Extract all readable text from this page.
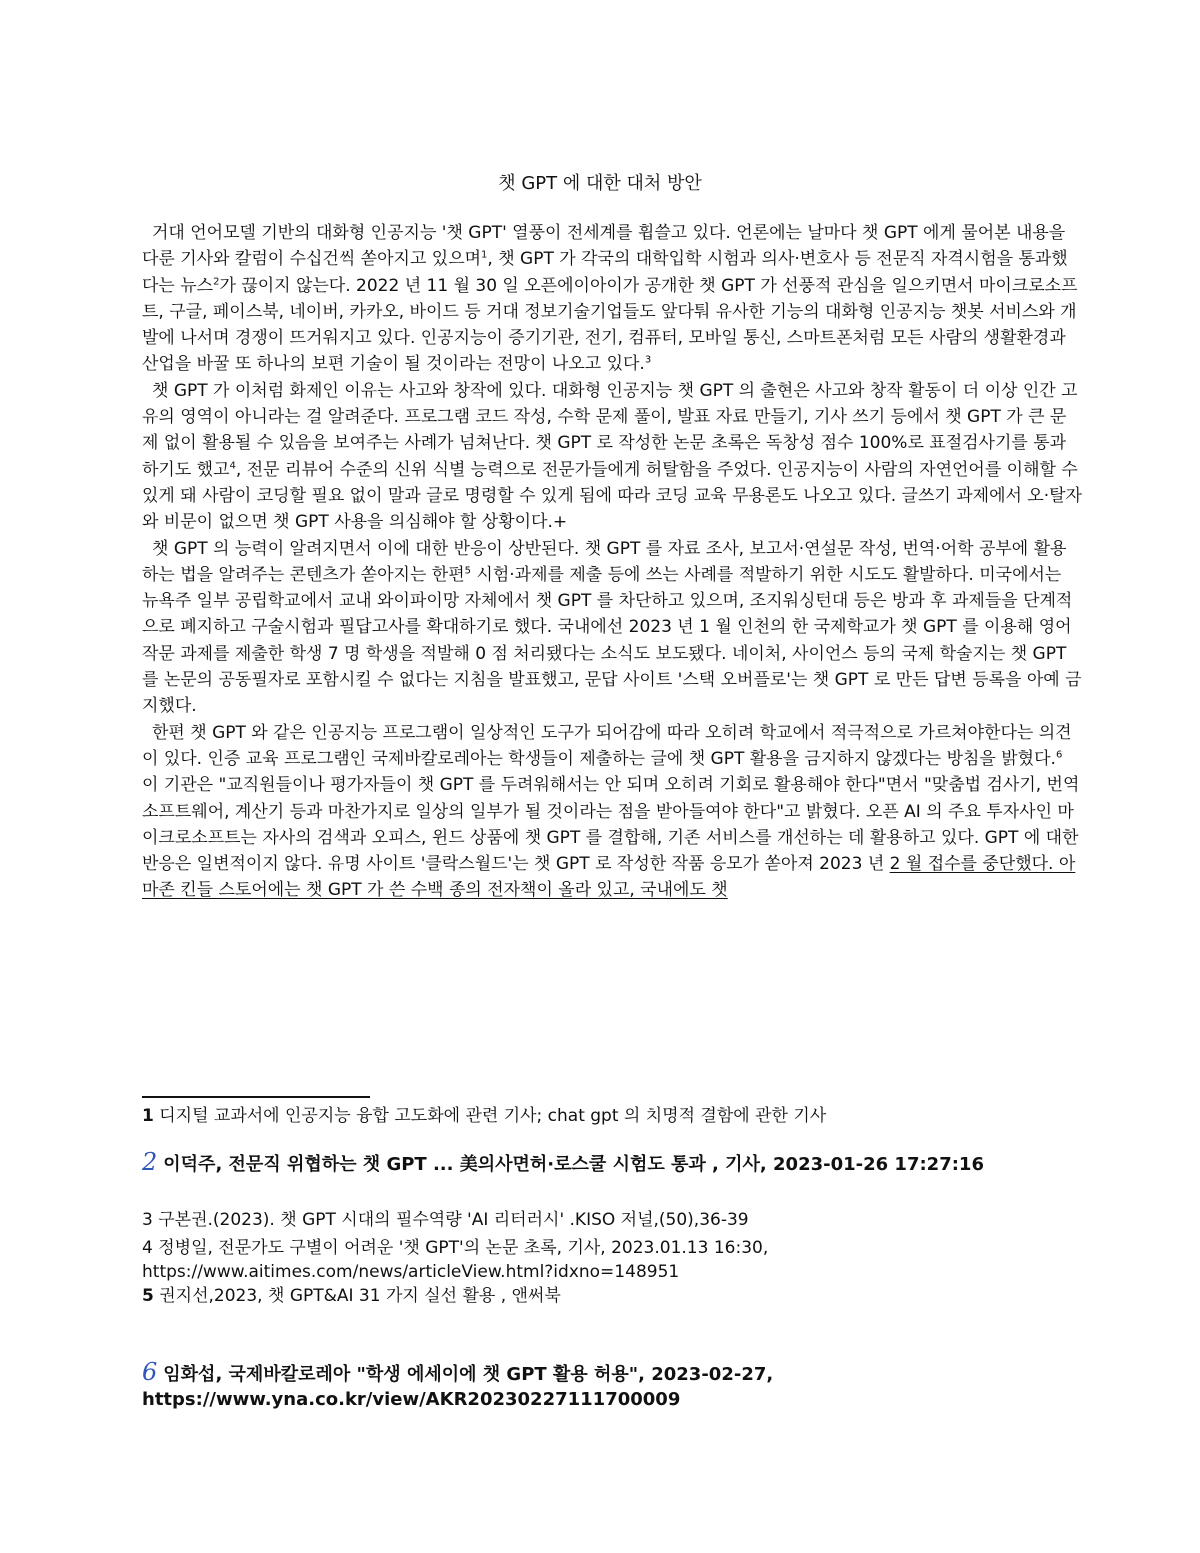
챗 GPT 에 대한 대처 방안

거대 언어모델 기반의 대화형 인공지능 '챗 GPT' 열풍이 전세계를 휩쓸고 있다. 언론에는 날마다 챗 GPT 에게 물어본 내용을 다룬 기사와 칼럼이 수십건씩 쏟아지고 있으며$^1$, 챗 GPT 가 각국의 대학입학 시험과 의사·변호사 등 전문직 자격시험을 통과했다는 뉴스$^2$가 끊이지 않는다. 2022 년 11 월 30 일 오픈에이아이가 공개한 챗 GPT 가 선풍적 관심을 일으키면서 마이크로소프트, 구글, 페이스북, 네이버, 카카오, 바이드 등 거대 정보기술기업들도 앞다퉈 유사한 기능의 대화형 인공지능 챗봇 서비스와 개발에 나서며 경쟁이 뜨거워지고 있다. 인공지능이 증기기관, 전기, 컴퓨터, 모바일 통신, 스마트폰처럼 모든 사람의 생활환경과 산업을 바꿀 또 하나의 보편 기술이 될 것이라는 전망이 나오고 있다.$^3$

챗 GPT 가 이처럼 화제인 이유는 사고와 창작에 있다. 대화형 인공지능 챗 GPT 의 출현은 사고와 창작 활동이 더 이상 인간 고유의 영역이 아니라는 걸 알려준다. 프로그램 코드 작성, 수학 문제 풀이, 발표 자료 만들기, 기사 쓰기 등에서 챗 GPT 가 큰 문제 없이 활용될 수 있음을 보여주는 사례가 넘쳐난다. 챗 GPT 로 작성한 논문 초록은 독창성 점수 100%로 표절검사기를 통과하기도 했고$^4$, 전문 리뷰어 수준의 신위 식별 능력으로 전문가들에게 허탈함을 주었다. 인공지능이 사람의 자연언어를 이해할 수 있게 돼 사람이 코딩할 필요 없이 말과 글로 명령할 수 있게 됨에 따라 코딩 교육 무용론도 나오고 있다. 글쓰기 과제에서 오·탈자와 비문이 없으면 챗 GPT 사용을 의심해야 할 상황이다.+

챗 GPT 의 능력이 알려지면서 이에 대한 반응이 상반된다. 챗 GPT 를 자료 조사, 보고서·연설문 작성, 번역·어학 공부에 활용하는 법을 알려주는 콘텐츠가 쏟아지는 한편$^5$ 시험·과제를 제출 등에 쓰는 사례를 적발하기 위한 시도도 활발하다. 미국에서는 뉴욕주 일부 공립학교에서 교내 와이파이망 자체에서 챗 GPT 를 차단하고 있으며, 조지워싱턴대 등은 방과 후 과제들을 단계적으로 폐지하고 구술시험과 필답고사를 확대하기로 했다. 국내에선 2023 년 1 월 인천의 한 국제학교가 챗 GPT 를 이용해 영어작문 과제를 제출한 학생 7 명 학생을 적발해 0 점 처리됐다는 소식도 보도됐다. 네이처, 사이언스 등의 국제 학술지는 챗 GPT 를 논문의 공동필자로 포함시킬 수 없다는 지침을 발표했고, 문답 사이트 '스택 오버플로'는 챗 GPT 로 만든 답변 등록을 아예 금지했다.

한편 챗 GPT 와 같은 인공지능 프로그램이 일상적인 도구가 되어감에 따라 오히려 학교에서 적극적으로 가르쳐야한다는 의견이 있다. 인증 교육 프로그램인 국제바칼로레아는 학생들이 제출하는 글에 챗 GPT 활용을 금지하지 않겠다는 방침을 밝혔다.$^6$ 이 기관은 "교직원들이나 평가자들이 챗 GPT 를 두려워해서는 안 되며 오히려 기회로 활용해야 한다"면서 "맞춤법 검사기, 번역 소프트웨어, 계산기 등과 마찬가지로 일상의 일부가 될 것이라는 점을 받아들여야 한다"고 밝혔다. 오픈 AI 의 주요 투자사인 마이크로소프트는 자사의 검색과 오피스, 윈드 상품에 챗 GPT 를 결합해, 기존 서비스를 개선하는 데 활용하고 있다. GPT 에 대한 반응은 일변적이지 않다. 유명 사이트 '클락스월드'는 챗 GPT 로 작성한 작품 응모가 쏟아져 2023 년 2 월 접수를 중단했다. 아마존 킨들 스토어에는 챗 GPT 가 쓴 수백 종의 전자책이 올라 있고, 국내에도 챗

1 디지털 교과서에 인공지능 융합 고도화에 관련 기사; chat gpt 의 치명적 결함에 관한 기사
2 이덕주, 전문직 위협하는 챗 GPT ... 美의사면허·로스쿨 시험도 통과 , 기사, 2023-01-26 17:27:16
3 구본권.(2023). 챗 GPT 시대의 필수역량 'AI 리터러시' .KISO 저널,(50),36-39
4 정병일, 전문가도 구별이 어려운 '챗 GPT'의 논문 초록, 기사, 2023.01.13 16:30,
https://www.aitimes.com/news/articleView.html?idxno=148951
5 권지선,2023, 챗 GPT&AI 31 가지 실선 활용 , 앤써북
6 임화섭, 국제바칼로레아 "학생 에세이에 챗 GPT 활용 허용", 2023-02-27,
https://www.yna.co.kr/view/AKR20230227111700009
